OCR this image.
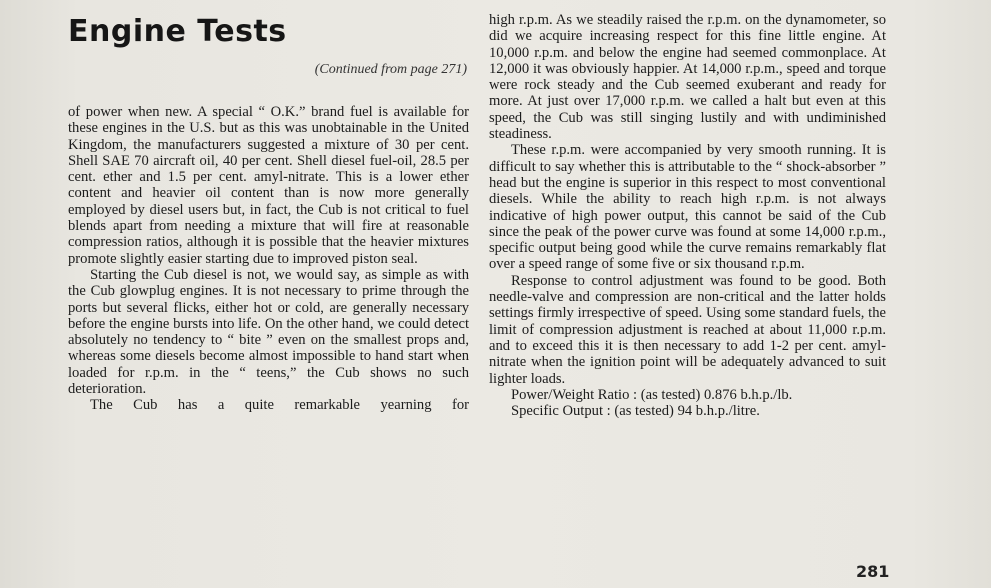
Engine Tests
(Continued from page 271)

of power when new. A special “ O.K.” brand fuel is available for these engines in the U.S. but as this was unobtainable in the United Kingdom, the manufacturers suggested a mixture of 30 per cent. Shell SAE 70 aircraft oil, 40 per cent. Shell diesel fuel-oil, 28.5 per cent. ether and 1.5 per cent. amyl-nitrate. This is a lower ether content and heavier oil content than is now more generally employed by diesel users but, in fact, the Cub is not critical to fuel blends apart from needing a mixture that will fire at reasonable compression ratios, although it is possible that the heavier mixtures promote slightly easier starting due to improved piston seal.

Starting the Cub diesel is not, we would say, as simple as with the Cub glowplug engines. It is not necessary to prime through the ports but several flicks, either hot or cold, are generally necessary before the engine bursts into life. On the other hand, we could detect absolutely no tendency to “ bite ” even on the smallest props and, whereas some diesels become almost impossible to hand start when loaded for r.p.m. in the “ teens,” the Cub shows no such deterioration.

The Cub has a quite remarkable yearning for

high r.p.m. As we steadily raised the r.p.m. on the dynamometer, so did we acquire increasing respect for this fine little engine. At 10,000 r.p.m. and below the engine had seemed commonplace. At 12,000 it was obviously happier. At 14,000 r.p.m., speed and torque were rock steady and the Cub seemed exuberant and ready for more. At just over 17,000 r.p.m. we called a halt but even at this speed, the Cub was still singing lustily and with undiminished steadiness.

These r.p.m. were accompanied by very smooth running. It is difficult to say whether this is attributable to the “ shock-absorber ” head but the engine is superior in this respect to most conventional diesels. While the ability to reach high r.p.m. is not always indicative of high power output, this cannot be said of the Cub since the peak of the power curve was found at some 14,000 r.p.m., specific output being good while the curve remains remarkably flat over a speed range of some five or six thousand r.p.m.

Response to control adjustment was found to be good. Both needle-valve and compression are non-critical and the latter holds settings firmly irrespective of speed. Using some standard fuels, the limit of compression adjustment is reached at about 11,000 r.p.m. and to exceed this it is then necessary to add 1-2 per cent. amyl-nitrate when the ignition point will be adequately advanced to suit lighter loads.

Power/Weight Ratio : (as tested) 0.876 b.h.p./lb.

Specific Output : (as tested) 94 b.h.p./litre.

281
